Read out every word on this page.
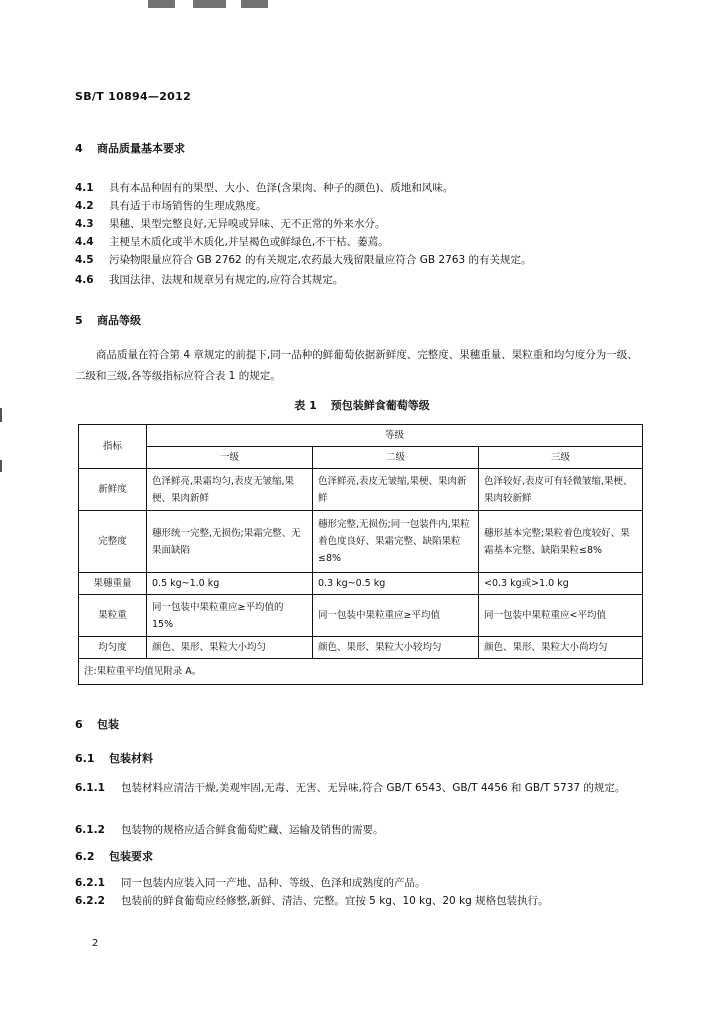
SB/T 10894—2012
4 商品质量基本要求
4.1 具有本品种固有的果型、大小、色泽(含果肉、种子的颜色)、质地和风味。
4.2 具有适于市场销售的生理成熟度。
4.3 果穗、果型完整良好,无异嗅或异味、无不正常的外来水分。
4.4 主梗呈木质化或半木质化,并呈褐色或鲜绿色,不干枯、萎蔫。
4.5 污染物限量应符合 GB 2762 的有关规定,农药最大残留限量应符合 GB 2763 的有关规定。
4.6 我国法律、法规和规章另有规定的,应符合其规定。
5 商品等级
商品质量在符合第 4 章规定的前提下,同一品种的鲜葡萄依据新鲜度、完整度、果穗重量、果粒重和均匀度分为一级、二级和三级,各等级指标应符合表 1 的规定。
表 1 预包装鲜食葡萄等级
指标	等级		
	一级	二级	三级
新鲜度	色泽鲜亮,果霜均匀,表皮无皱缩,果梗、果肉新鲜	色泽鲜亮,表皮无皱缩,果梗、果肉新鲜	色泽较好,表皮可有轻微皱缩,果梗、果肉较新鲜
完整度	穗形统一完整,无损伤;果霜完整、无果面缺陷	穗形完整,无损伤;同一包装件内,果粒着色度良好、果霜完整、缺陷果粒≤8%	穗形基本完整;果粒着色度较好、果霜基本完整、缺陷果粒≤8%
果穗重量	0.5 kg~1.0 kg	0.3 kg~0.5 kg	<0.3 kg或>1.0 kg
果粒重	同一包装中果粒重应≥平均值的 15%	同一包装中果粒重应≥平均值	同一包装中果粒重应<平均值
均匀度	颜色、果形、果粒大小均匀	颜色、果形、果粒大小较均匀	颜色、果形、果粒大小尚均匀
注:果粒重平均值见附录 A。			
6 包装
6.1 包装材料
6.1.1 包装材料应清洁干燥,美观牢固,无毒、无害、无异味,符合 GB/T 6543、GB/T 4456 和 GB/T 5737 的规定。
6.1.2 包装物的规格应适合鲜食葡萄贮藏、运输及销售的需要。
6.2 包装要求
6.2.1 同一包装内应装入同一产地、品种、等级、色泽和成熟度的产品。
6.2.2 包装前的鲜食葡萄应经修整,新鲜、清洁、完整。宜按 5 kg、10 kg、20 kg 规格包装执行。
2
